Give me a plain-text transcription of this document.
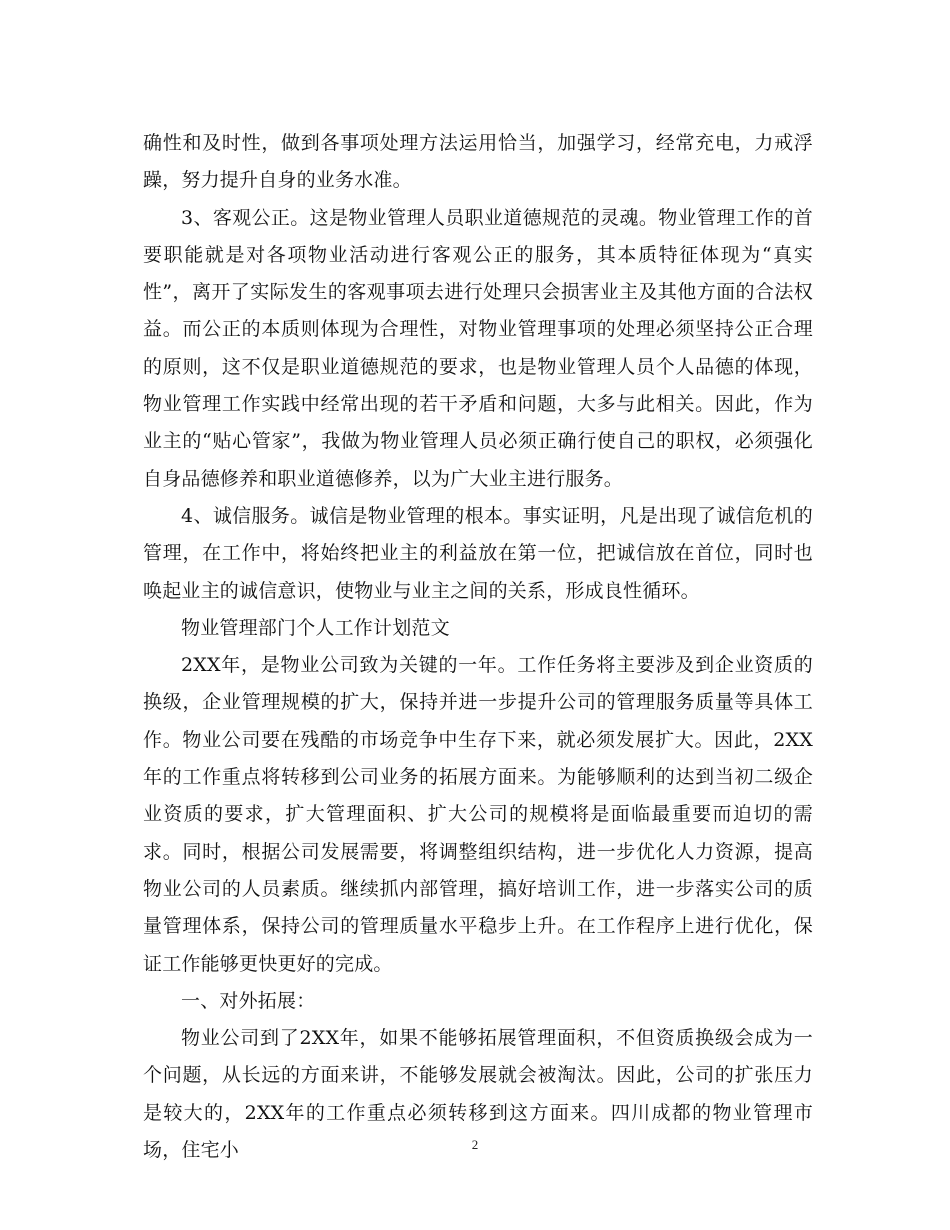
确性和及时性，做到各事项处理方法运用恰当，加强学习，经常充电，力戒浮躁，努力提升自身的业务水准。

3、客观公正。这是物业管理人员职业道德规范的灵魂。物业管理工作的首要职能就是对各项物业活动进行客观公正的服务，其本质特征体现为“真实性”，离开了实际发生的客观事项去进行处理只会损害业主及其他方面的合法权益。而公正的本质则体现为合理性，对物业管理事项的处理必须坚持公正合理的原则，这不仅是职业道德规范的要求，也是物业管理人员个人品德的体现，物业管理工作实践中经常出现的若干矛盾和问题，大多与此相关。因此，作为业主的“贴心管家”，我做为物业管理人员必须正确行使自己的职权，必须强化自身品德修养和职业道德修养，以为广大业主进行服务。

4、诚信服务。诚信是物业管理的根本。事实证明，凡是出现了诚信危机的管理，在工作中，将始终把业主的利益放在第一位，把诚信放在首位，同时也唤起业主的诚信意识，使物业与业主之间的关系，形成良性循环。

物业管理部门个人工作计划范文

2XX年，是物业公司致为关键的一年。工作任务将主要涉及到企业资质的换级，企业管理规模的扩大，保持并进一步提升公司的管理服务质量等具体工作。物业公司要在残酷的市场竞争中生存下来，就必须发展扩大。因此，2XX年的工作重点将转移到公司业务的拓展方面来。为能够顺利的达到当初二级企业资质的要求，扩大管理面积、扩大公司的规模将是面临最重要而迫切的需求。同时，根据公司发展需要，将调整组织结构，进一步优化人力资源，提高物业公司的人员素质。继续抓内部管理，搞好培训工作，进一步落实公司的质量管理体系，保持公司的管理质量水平稳步上升。在工作程序上进行优化，保证工作能够更快更好的完成。

一、对外拓展：

物业公司到了2XX年，如果不能够拓展管理面积，不但资质换级会成为一个问题，从长远的方面来讲，不能够发展就会被淘汰。因此，公司的扩张压力是较大的，2XX年的工作重点必须转移到这方面来。四川成都的物业管理市场，住宅小	2
